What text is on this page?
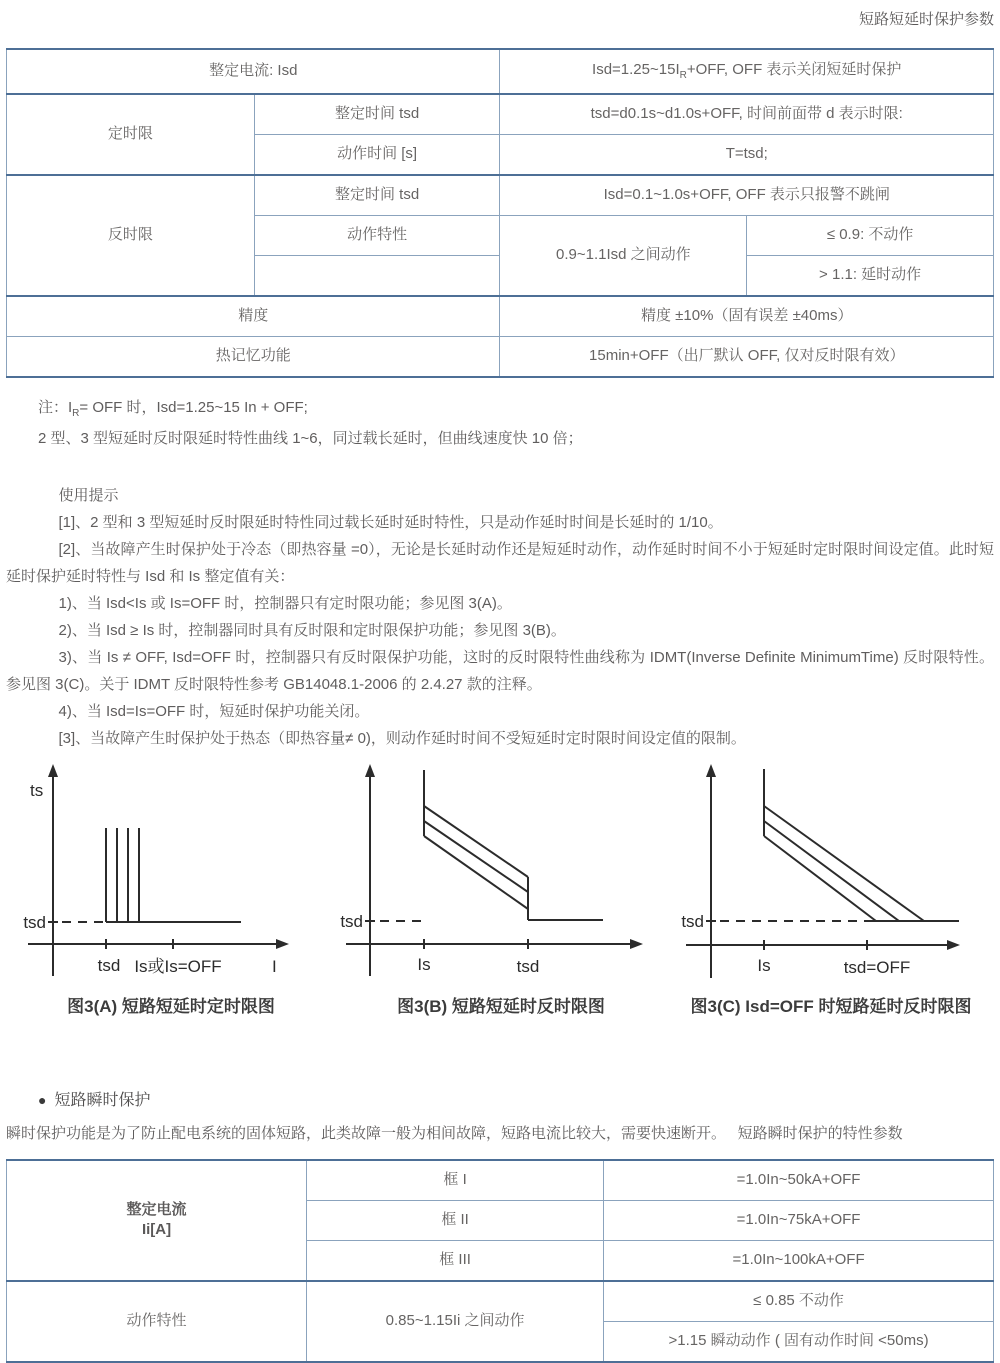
短路短延时保护参数
整定电流: Isd		$Isd=1.25\sim 15I_R+OFF$, OFF 表示关闭短延时保护	
定时限	整定时间 tsd	tsd=d0.1s~d1.0s+OFF, 时间前面带 d 表示时限:	
	动作时间 [s]	T=tsd;	
反时限	整定时间 tsd	Isd=0.1~1.0s+OFF, OFF 表示只报警不跳闸	
	动作特性	0.9~1.1Isd 之间动作	≤ 0.9: 不动作
			> 1.1: 延时动作
精度		精度 ±10%（固有误差 ±40ms）	
热记忆功能		15min+OFF（出厂默认 OFF, 仅对反时限有效）	

注：$I_R=$ OFF 时，Isd=1.25~15 In + OFF;

2 型、3 型短延时反时限延时特性曲线 1~6，同过载长延时，但曲线速度快 10 倍；

使用提示

[1]、2 型和 3 型短延时反时限延时特性同过载长延时延时特性，只是动作延时时间是长延时的 1/10。

[2]、当故障产生时保护处于冷态（即热容量 =0），无论是长延时动作还是短延时动作，动作延时时间不小于短延时定时限时间设定值。此时短延时保护延时特性与 Isd 和 Is 整定值有关：

1)、当 Isd<Is 或 Is=OFF 时，控制器只有定时限功能；参见图 3(A)。

2)、当 Isd ≥ Is 时，控制器同时具有反时限和定时限保护功能；参见图 3(B)。

3)、当 Is ≠ OFF, Isd=OFF 时，控制器只有反时限保护功能，这时的反时限特性曲线称为 IDMT(Inverse Definite MinimumTime) 反时限特性。参见图 3(C)。关于 IDMT 反时限特性参考 GB14048.1-2006 的 2.4.27 款的注释。

4)、当 Isd=Is=OFF 时，短延时保护功能关闭。

[3]、当故障产生时保护处于热态（即热容量≠ 0)，则动作延时时间不受短延时定时限时间设定值的限制。

ts
tsd
tsd Is或Is=OFF	I
图3(A) 短路短延时定时限图
tsd
Is	tsd
图3(B) 短路短延时反时限图
tsd
Is	tsd=OFF
图3(C) Isd=OFF 时短路延时反时限图

● 短路瞬时保护

瞬时保护功能是为了防止配电系统的固体短路，此类故障一般为相间故障，短路电流比较大，需要快速断开。　 短路瞬时保护的特性参数

整定电流
Ii[A]	框 I	=1.0In~50kA+OFF
	框 II	=1.0In~75kA+OFF
	框 III	=1.0In~100kA+OFF
动作特性	0.85~1.15Ii 之间动作	≤ 0.85 不动作
		>1.15 瞬动动作 ( 固有动作时间 <50ms)
